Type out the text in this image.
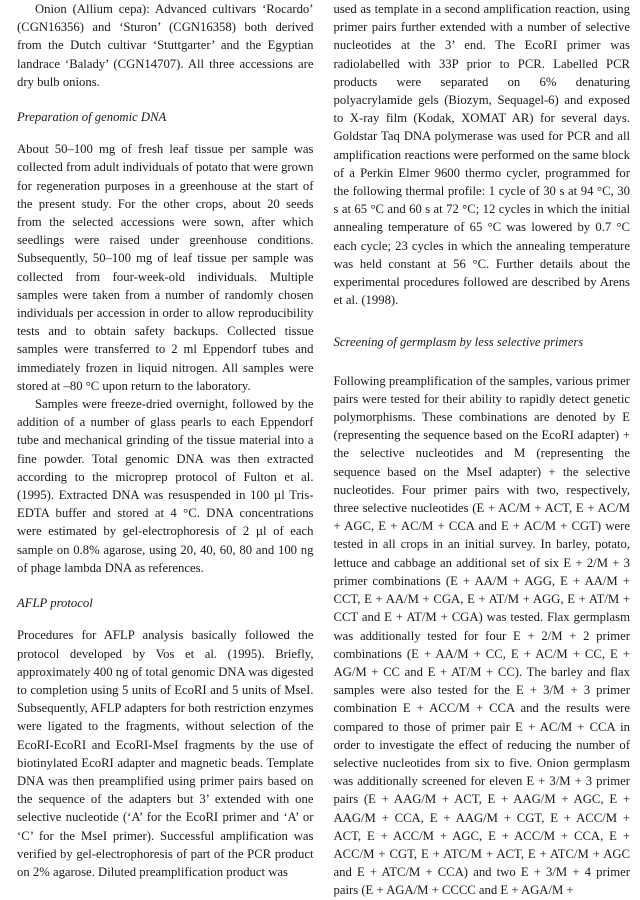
Onion (Allium cepa): Advanced cultivars ‘Rocardo’ (CGN16356) and ‘Sturon’ (CGN16358) both derived from the Dutch cultivar ‘Stuttgarter’ and the Egyptian landrace ‘Balady’ (CGN14707). All three accessions are dry bulb onions.

Preparation of genomic DNA

About 50–100 mg of fresh leaf tissue per sample was collected from adult individuals of potato that were grown for regeneration purposes in a greenhouse at the start of the present study. For the other crops, about 20 seeds from the selected accessions were sown, after which seedlings were raised under greenhouse conditions. Subsequently, 50–100 mg of leaf tissue per sample was collected from four-week-old individuals. Multiple samples were taken from a number of randomly chosen individuals per accession in order to allow reproducibility tests and to obtain safety backups. Collected tissue samples were transferred to 2 ml Eppendorf tubes and immediately frozen in liquid nitrogen. All samples were stored at –80 °C upon return to the laboratory.

Samples were freeze-dried overnight, followed by the addition of a number of glass pearls to each Eppendorf tube and mechanical grinding of the tissue material into a fine powder. Total genomic DNA was then extracted according to the microprep protocol of Fulton et al. (1995). Extracted DNA was resuspended in 100 µl Tris-EDTA buffer and stored at 4 °C. DNA concentrations were estimated by gel-electrophoresis of 2 µl of each sample on 0.8% agarose, using 20, 40, 60, 80 and 100 ng of phage lambda DNA as references.

AFLP protocol

Procedures for AFLP analysis basically followed the protocol developed by Vos et al. (1995). Briefly, approximately 400 ng of total genomic DNA was digested to completion using 5 units of EcoRI and 5 units of MseI. Subsequently, AFLP adapters for both restriction enzymes were ligated to the fragments, without selection of the EcoRI-EcoRI and EcoRI-MseI fragments by the use of biotinylated EcoRI adapter and magnetic beads. Template DNA was then preamplified using primer pairs based on the sequence of the adapters but 3’ extended with one selective nucleotide (‘A’ for the EcoRI primer and ‘A’ or ‘C’ for the MseI primer). Successful amplification was verified by gel-electrophoresis of part of the PCR product on 2% agarose. Diluted preamplification product was

used as template in a second amplification reaction, using primer pairs further extended with a number of selective nucleotides at the 3’ end. The EcoRI primer was radiolabelled with 33P prior to PCR. Labelled PCR products were separated on 6% denaturing polyacrylamide gels (Biozym, Sequagel-6) and exposed to X-ray film (Kodak, XOMAT AR) for several days. Goldstar Taq DNA polymerase was used for PCR and all amplification reactions were performed on the same block of a Perkin Elmer 9600 thermo cycler, programmed for the following thermal profile: 1 cycle of 30 s at 94 °C, 30 s at 65 °C and 60 s at 72 °C; 12 cycles in which the initial annealing temperature of 65 °C was lowered by 0.7 °C each cycle; 23 cycles in which the annealing temperature was held constant at 56 °C. Further details about the experimental procedures followed are described by Arens et al. (1998).

Screening of germplasm by less selective primers

Following preamplification of the samples, various primer pairs were tested for their ability to rapidly detect genetic polymorphisms. These combinations are denoted by E (representing the sequence based on the EcoRI adapter) + the selective nucleotides and M (representing the sequence based on the MseI adapter) + the selective nucleotides. Four primer pairs with two, respectively, three selective nucleotides (E + AC/M + ACT, E + AC/M + AGC, E + AC/M + CCA and E + AC/M + CGT) were tested in all crops in an initial survey. In barley, potato, lettuce and cabbage an additional set of six E + 2/M + 3 primer combinations (E + AA/M + AGG, E + AA/M + CCT, E + AA/M + CGA, E + AT/M + AGG, E + AT/M + CCT and E + AT/M + CGA) was tested. Flax germplasm was additionally tested for four E + 2/M + 2 primer combinations (E + AA/M + CC, E + AC/M + CC, E + AG/M + CC and E + AT/M + CC). The barley and flax samples were also tested for the E + 3/M + 3 primer combination E + ACC/M + CCA and the results were compared to those of primer pair E + AC/M + CCA in order to investigate the effect of reducing the number of selective nucleotides from six to five. Onion germplasm was additionally screened for eleven E + 3/M + 3 primer pairs (E + AAG/M + ACT, E + AAG/M + AGC, E + AAG/M + CCA, E + AAG/M + CGT, E + ACC/M + ACT, E + ACC/M + AGC, E + ACC/M + CCA, E + ACC/M + CGT, E + ATC/M + ACT, E + ATC/M + AGC and E + ATC/M + CCA) and two E + 3/M + 4 primer pairs (E + AGA/M + CCCC and E + AGA/M +
